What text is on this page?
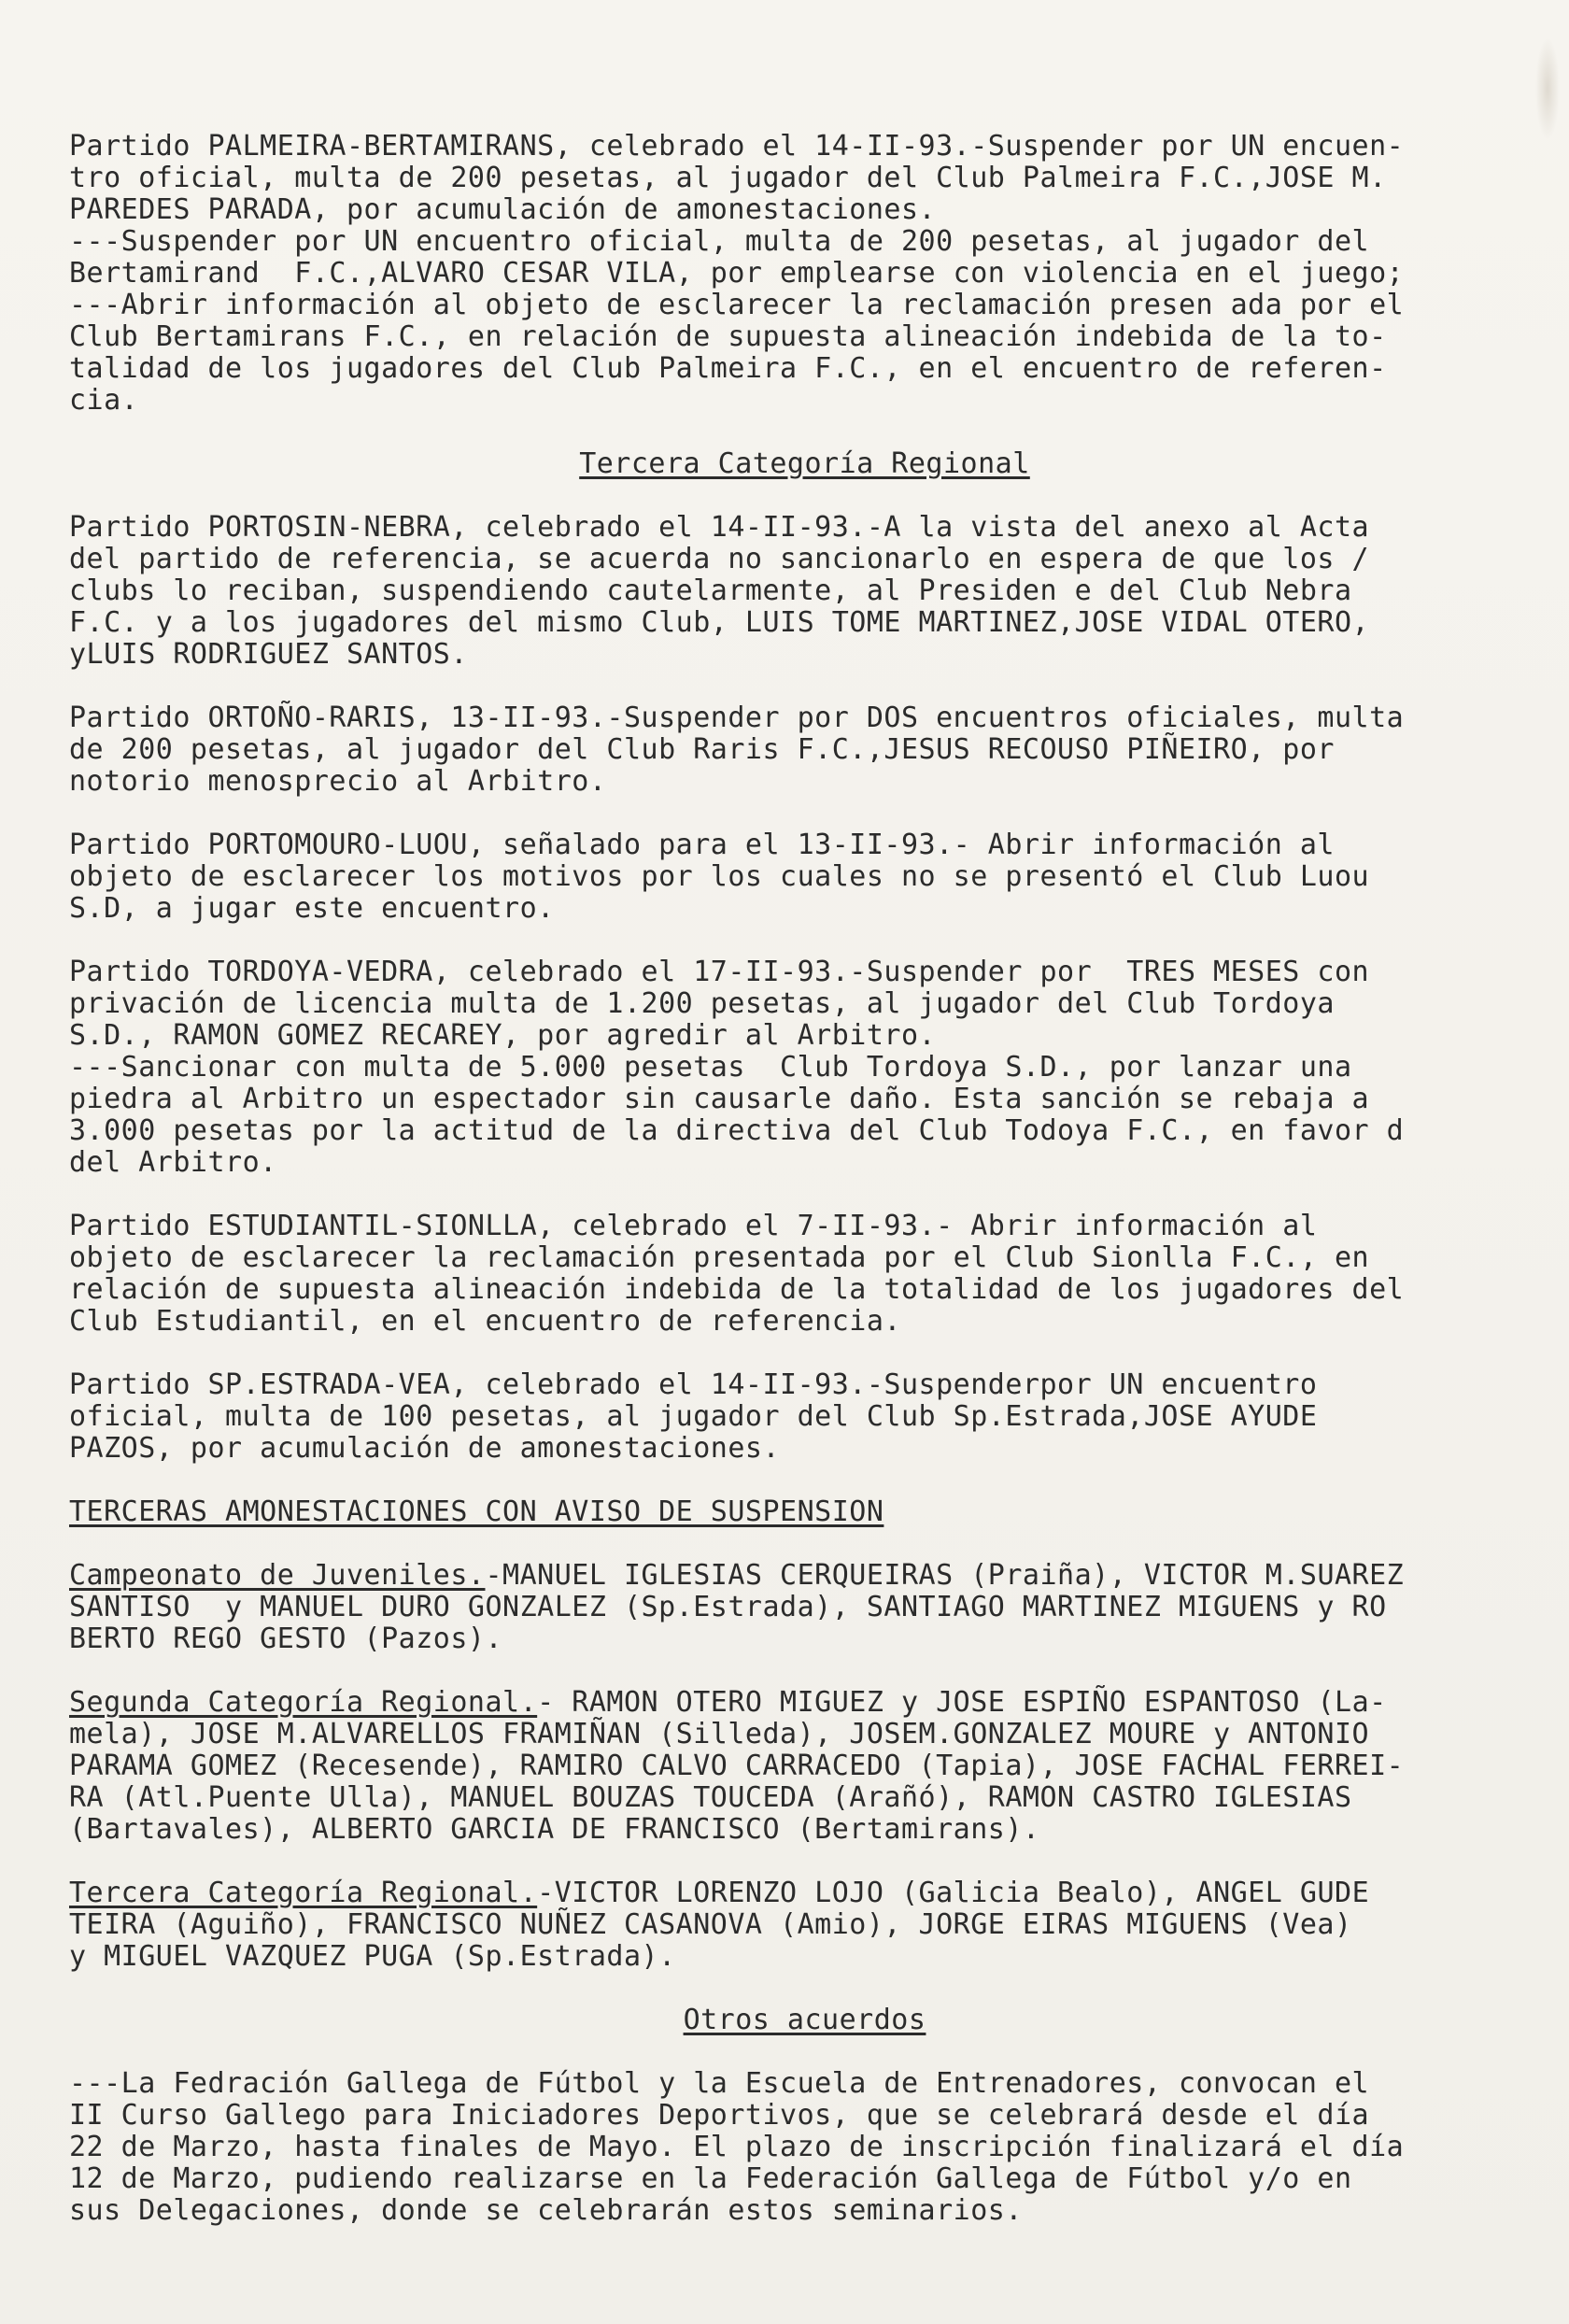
Partido PALMEIRA-BERTAMIRANS, celebrado el 14-II-93.-Suspender por UN encuen-
tro oficial, multa de 200 pesetas, al jugador del Club Palmeira F.C.,JOSE M.
PAREDES PARADA, por acumulación de amonestaciones.
---Suspender por UN encuentro oficial, multa de 200 pesetas, al jugador del
Bertamirand  F.C.,ALVARO CESAR VILA, por emplearse con violencia en el juego;
---Abrir información al objeto de esclarecer la reclamación presen ada por el
Club Bertamirans F.C., en relación de supuesta alineación indebida de la to-
talidad de los jugadores del Club Palmeira F.C., en el encuentro de referen-
cia.
Tercera Categoría Regional
Partido PORTOSIN-NEBRA, celebrado el 14-II-93.-A la vista del anexo al Acta
del partido de referencia, se acuerda no sancionarlo en espera de que los /
clubs lo reciban, suspendiendo cautelarmente, al Presiden e del Club Nebra
F.C. y a los jugadores del mismo Club, LUIS TOME MARTINEZ,JOSE VIDAL OTERO,
yLUIS RODRIGUEZ SANTOS.
Partido ORTOÑO-RARIS, 13-II-93.-Suspender por DOS encuentros oficiales, multa
de 200 pesetas, al jugador del Club Raris F.C.,JESUS RECOUSO PIÑEIRO, por
notorio menosprecio al Arbitro.
Partido PORTOMOURO-LUOU, señalado para el 13-II-93.- Abrir información al
objeto de esclarecer los motivos por los cuales no se presentó el Club Luou
S.D, a jugar este encuentro.
Partido TORDOYA-VEDRA, celebrado el 17-II-93.-Suspender por  TRES MESES con
privación de licencia multa de 1.200 pesetas, al jugador del Club Tordoya
S.D., RAMON GOMEZ RECAREY, por agredir al Arbitro.
---Sancionar con multa de 5.000 pesetas  Club Tordoya S.D., por lanzar una
piedra al Arbitro un espectador sin causarle daño. Esta sanción se rebaja a
3.000 pesetas por la actitud de la directiva del Club Todoya F.C., en favor d
del Arbitro.
Partido ESTUDIANTIL-SIONLLA, celebrado el 7-II-93.- Abrir información al
objeto de esclarecer la reclamación presentada por el Club Sionlla F.C., en
relación de supuesta alineación indebida de la totalidad de los jugadores del
Club Estudiantil, en el encuentro de referencia.
Partido SP.ESTRADA-VEA, celebrado el 14-II-93.-Suspenderpor UN encuentro
oficial, multa de 100 pesetas, al jugador del Club Sp.Estrada,JOSE AYUDE
PAZOS, por acumulación de amonestaciones.
TERCERAS AMONESTACIONES CON AVISO DE SUSPENSION
Campeonato de Juveniles.-MANUEL IGLESIAS CERQUEIRAS (Praiña), VICTOR M.SUAREZ
SANTISO  y MANUEL DURO GONZALEZ (Sp.Estrada), SANTIAGO MARTINEZ MIGUENS y RO
BERTO REGO GESTO (Pazos).
Segunda Categoría Regional.- RAMON OTERO MIGUEZ y JOSE ESPIÑO ESPANTOSO (La-
mela), JOSE M.ALVARELLOS FRAMIÑAN (Silleda), JOSEM.GONZALEZ MOURE y ANTONIO
PARAMA GOMEZ (Recesende), RAMIRO CALVO CARRACEDO (Tapia), JOSE FACHAL FERREI-
RA (Atl.Puente Ulla), MANUEL BOUZAS TOUCEDA (Arañó), RAMON CASTRO IGLESIAS
(Bartavales), ALBERTO GARCIA DE FRANCISCO (Bertamirans).
Tercera Categoría Regional.-VICTOR LORENZO LOJO (Galicia Bealo), ANGEL GUDE
TEIRA (Aguiño), FRANCISCO NUÑEZ CASANOVA (Amio), JORGE EIRAS MIGUENS (Vea)
y MIGUEL VAZQUEZ PUGA (Sp.Estrada).
Otros acuerdos
---La Fedración Gallega de Fútbol y la Escuela de Entrenadores, convocan el
II Curso Gallego para Iniciadores Deportivos, que se celebrará desde el día
22 de Marzo, hasta finales de Mayo. El plazo de inscripción finalizará el día
12 de Marzo, pudiendo realizarse en la Federación Gallega de Fútbol y/o en
sus Delegaciones, donde se celebrarán estos seminarios.
